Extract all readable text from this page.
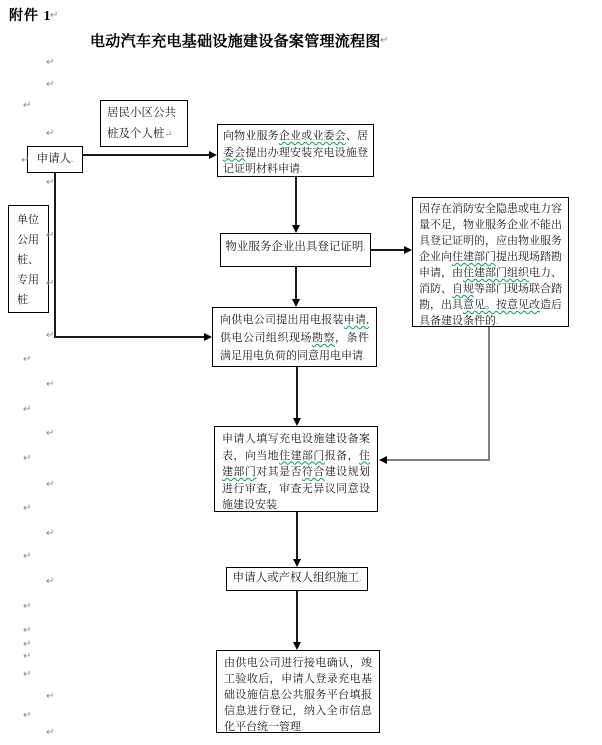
附件 1
电动汽车充电基础设施建设备案管理流程图
居民小区公共桩及个人桩↵
申请人.
单位公用桩、专用桩.
向物业服务企业或业委会、居委会提出办理安装充电设施登记证明材料申请.
物业服务企业出具登记证明.
因存在消防安全隐患或电力容量不足，物业服务企业不能出具登记证明的，应由物业服务企业向住建部门提出现场踏勘申请，由住建部门组织电力、消防、自规等部门现场联合踏勘，出具意见。按意见改造后具备建设条件的.
向供电公司提出用电报装申请,供电公司组织现场勘察，条件满足用电负荷的同意用电申请.
申请人填写充电设施建设备案表，向当地住建部门报备，住建部门对其是否符合建设规划进行审查，审查无异议同意设施建设安装.
申请人或产权人组织施工.
由供电公司进行接电确认，竣工验收后，申请人登录充电基础设施信息公共服务平台填报信息进行登记，纳入全市信息化平台统一管理.
↵
↵
↵
↵
↵
↵
↵
↵
↵
↵
↵
↵
↵
↵
↵
↵
↵
↵
↵
↵
↵
↵
↵
↵
↵
↵
↵
↵
↵
